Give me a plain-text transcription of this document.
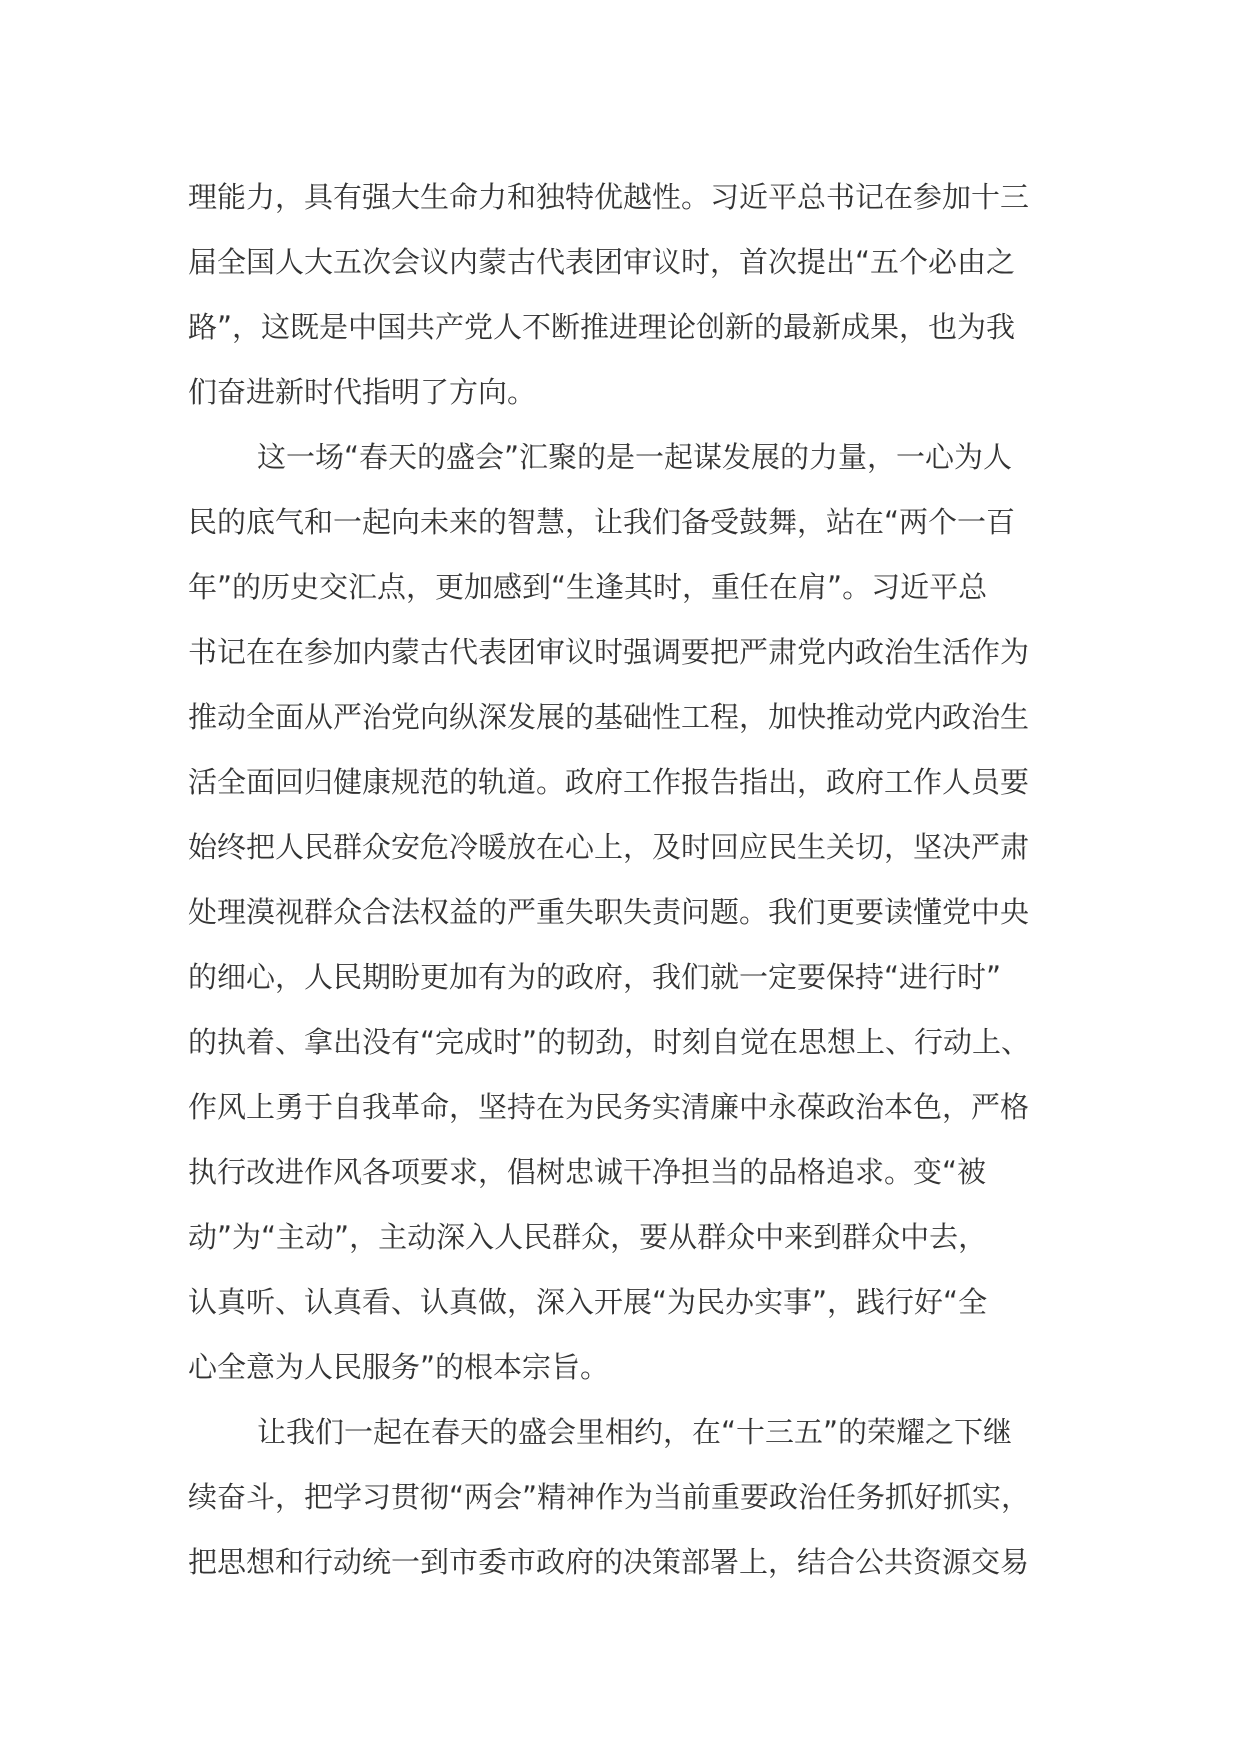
理能力，具有强大生命力和独特优越性。习近平总书记在参加十三
届全国人大五次会议内蒙古代表团审议时，首次提出“五个必由之
路”，这既是中国共产党人不断推进理论创新的最新成果，也为我
们奋进新时代指明了方向。
这一场“春天的盛会”汇聚的是一起谋发展的力量，一心为人
民的底气和一起向未来的智慧，让我们备受鼓舞，站在“两个一百
年”的历史交汇点，更加感到“生逢其时，重任在肩”。习近平总
书记在在参加内蒙古代表团审议时强调要把严肃党内政治生活作为
推动全面从严治党向纵深发展的基础性工程，加快推动党内政治生
活全面回归健康规范的轨道。政府工作报告指出，政府工作人员要
始终把人民群众安危冷暖放在心上，及时回应民生关切，坚决严肃
处理漠视群众合法权益的严重失职失责问题。我们更要读懂党中央
的细心，人民期盼更加有为的政府，我们就一定要保持“进行时”
的执着、拿出没有“完成时”的韧劲，时刻自觉在思想上、行动上、
作风上勇于自我革命，坚持在为民务实清廉中永葆政治本色，严格
执行改进作风各项要求，倡树忠诚干净担当的品格追求。变“被
动”为“主动”，主动深入人民群众，要从群众中来到群众中去，
认真听、认真看、认真做，深入开展“为民办实事”，践行好“全
心全意为人民服务”的根本宗旨。
让我们一起在春天的盛会里相约，在“十三五”的荣耀之下继
续奋斗，把学习贯彻“两会”精神作为当前重要政治任务抓好抓实，
把思想和行动统一到市委市政府的决策部署上，结合公共资源交易
